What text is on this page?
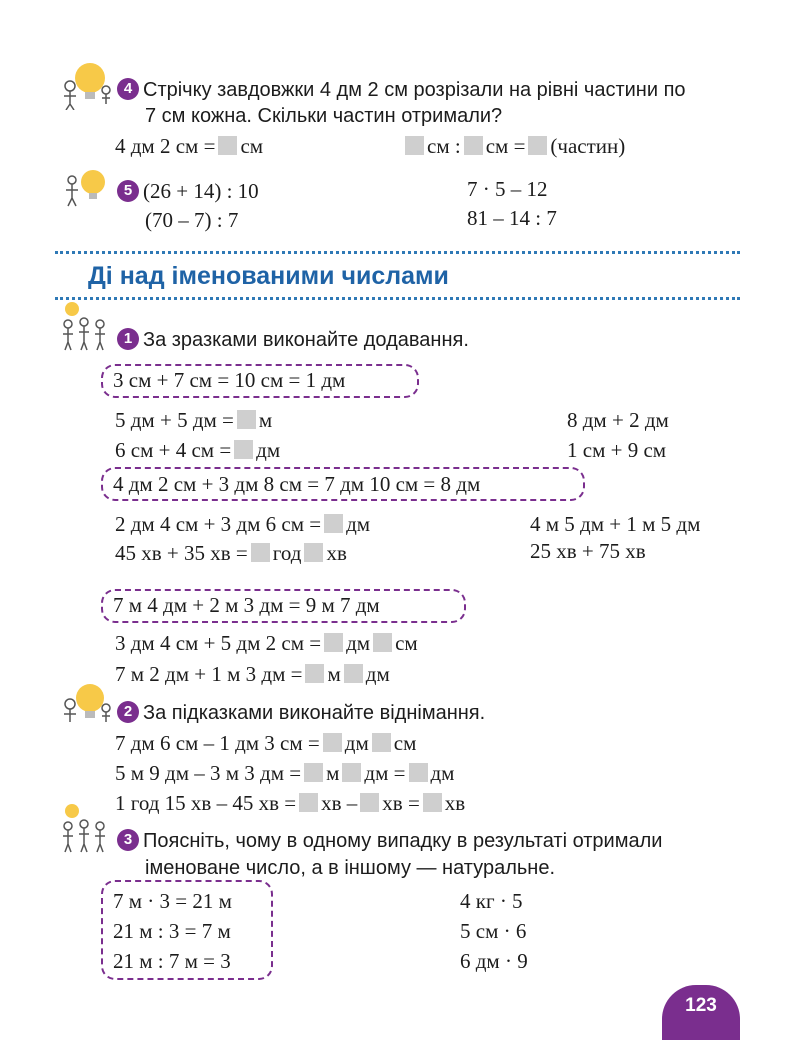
4 Стрічку завдовжки 4 дм 2 см розрізали на рівні частини по
7 см кожна. Скільки частин отримали?
4 дм 2 см = см	см : см = (частин)
5 (26 + 14) : 10
(70 – 7) : 7
7 · 5 – 12
81 – 14 : 7
Ді над іменованими числами
1 За зразками виконайте додавання.
3 см + 7 см = 10 см = 1 дм
5 дм + 5 дм = м
6 см + 4 см = дм
8 дм + 2 дм
1 см + 9 см
4 дм 2 см + 3 дм 8 см = 7 дм 10 см = 8 дм
2 дм 4 см + 3 дм 6 см = дм
45 хв + 35 хв = год хв
4 м 5 дм + 1 м 5 дм
25 хв + 75 хв
7 м 4 дм + 2 м 3 дм = 9 м 7 дм
3 дм 4 см + 5 дм 2 см = дм см
7 м 2 дм + 1 м 3 дм = м дм
2 За підказками виконайте віднімання.
7 дм 6 см – 1 дм 3 см = дм см
5 м 9 дм – 3 м 3 дм = м дм = дм
1 год 15 хв – 45 хв = хв – хв = хв
3 Поясніть, чому в одному випадку в результаті отримали
іменоване число, а в іншому — натуральне.
7 м · 3 = 21 м
21 м : 3 = 7 м
21 м : 7 м = 3
4 кг · 5
5 см · 6
6 дм · 9
123
